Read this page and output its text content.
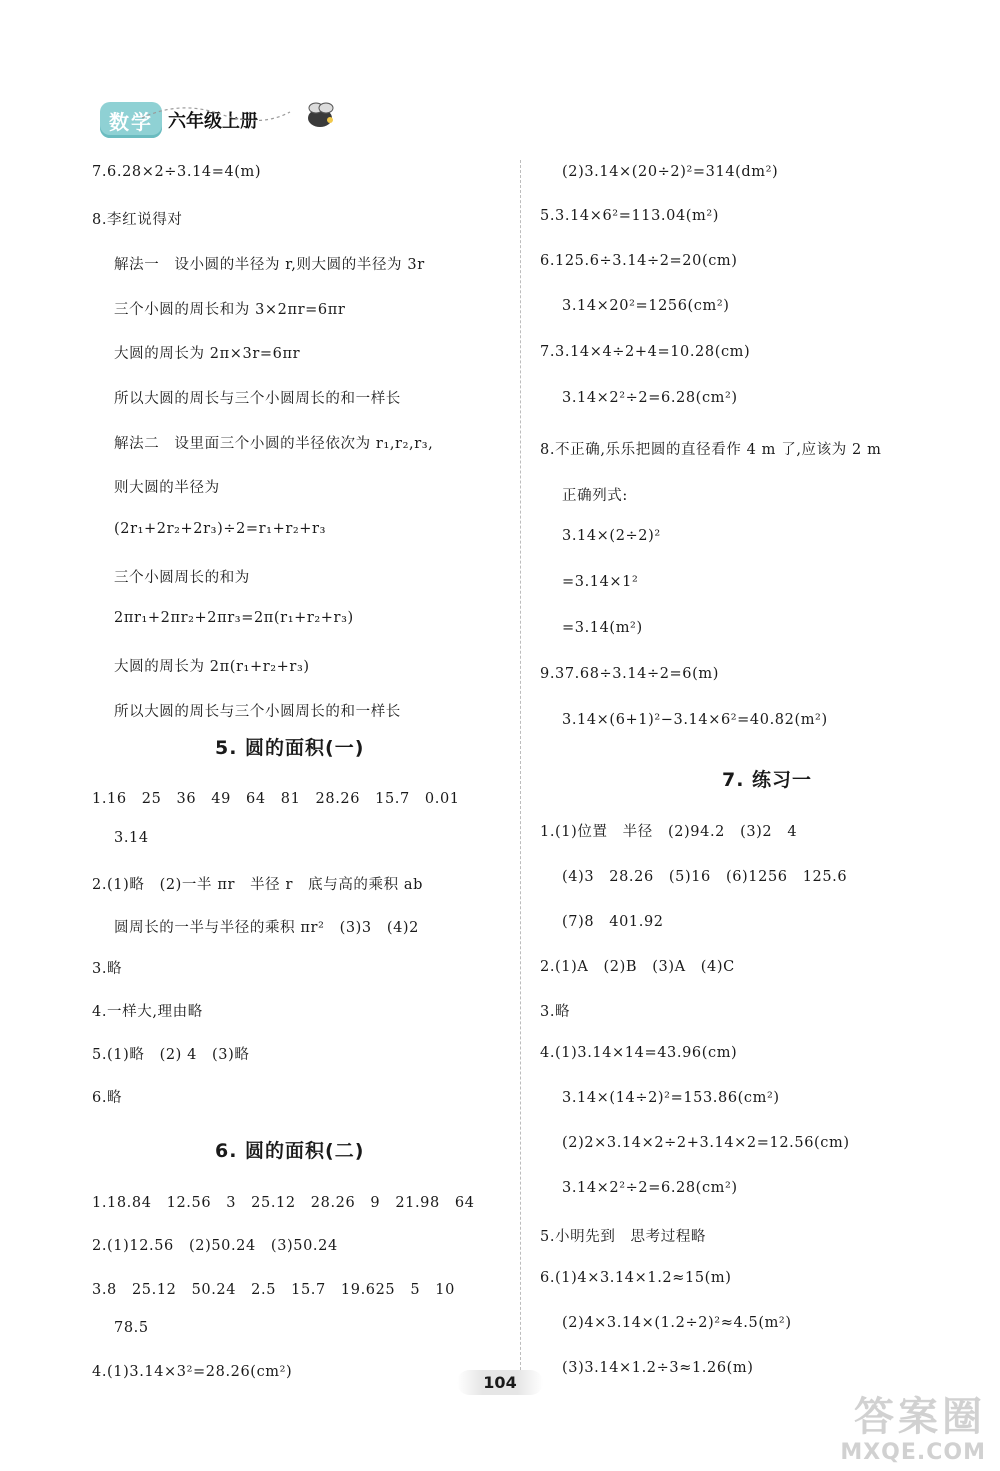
数学 六年级上册
7.6.28×2÷3.14=4(m)
8.李红说得对
解法一　设小圆的半径为 r,则大圆的半径为 3r
三个小圆的周长和为 3×2πr=6πr
大圆的周长为 2π×3r=6πr
所以大圆的周长与三个小圆周长的和一样长
解法二　设里面三个小圆的半径依次为 r₁,r₂,r₃,
则大圆的半径为
(2r₁+2r₂+2r₃)÷2=r₁+r₂+r₃
三个小圆周长的和为
2πr₁+2πr₂+2πr₃=2π(r₁+r₂+r₃)
大圆的周长为 2π(r₁+r₂+r₃)
所以大圆的周长与三个小圆周长的和一样长
5. 圆的面积(一)
1.16　25　36　49　64　81　28.26　15.7　0.01
3.14
2.(1)略　(2)一半 πr　半径 r　底与高的乘积 ab
圆周长的一半与半径的乘积 πr²　(3)3　(4)2
3.略
4.一样大,理由略
5.(1)略　(2) 4　(3)略
6.略
6. 圆的面积(二)
1.18.84　12.56　3　25.12　28.26　9　21.98　64
2.(1)12.56　(2)50.24　(3)50.24
3.8　25.12　50.24　2.5　15.7　19.625　5　10
78.5
4.(1)3.14×3²=28.26(cm²)
(2)3.14×(20÷2)²=314(dm²)
5.3.14×6²=113.04(m²)
6.125.6÷3.14÷2=20(cm)
3.14×20²=1256(cm²)
7.3.14×4÷2+4=10.28(cm)
3.14×2²÷2=6.28(cm²)
8.不正确,乐乐把圆的直径看作 4 m 了,应该为 2 m
正确列式:
3.14×(2÷2)²
=3.14×1²
=3.14(m²)
9.37.68÷3.14÷2=6(m)
3.14×(6+1)²−3.14×6²=40.82(m²)
7. 练习一
1.(1)位置　半径　(2)94.2　(3)2　4
(4)3　28.26　(5)16　(6)1256　125.6
(7)8　401.92
2.(1)A　(2)B　(3)A　(4)C
3.略
4.(1)3.14×14=43.96(cm)
3.14×(14÷2)²=153.86(cm²)
(2)2×3.14×2÷2+3.14×2=12.56(cm)
3.14×2²÷2=6.28(cm²)
5.小明先到　思考过程略
6.(1)4×3.14×1.2≈15(m)
(2)4×3.14×(1.2÷2)²≈4.5(m²)
(3)3.14×1.2÷3≈1.26(m)
104
答案圈
MXQE.COM
